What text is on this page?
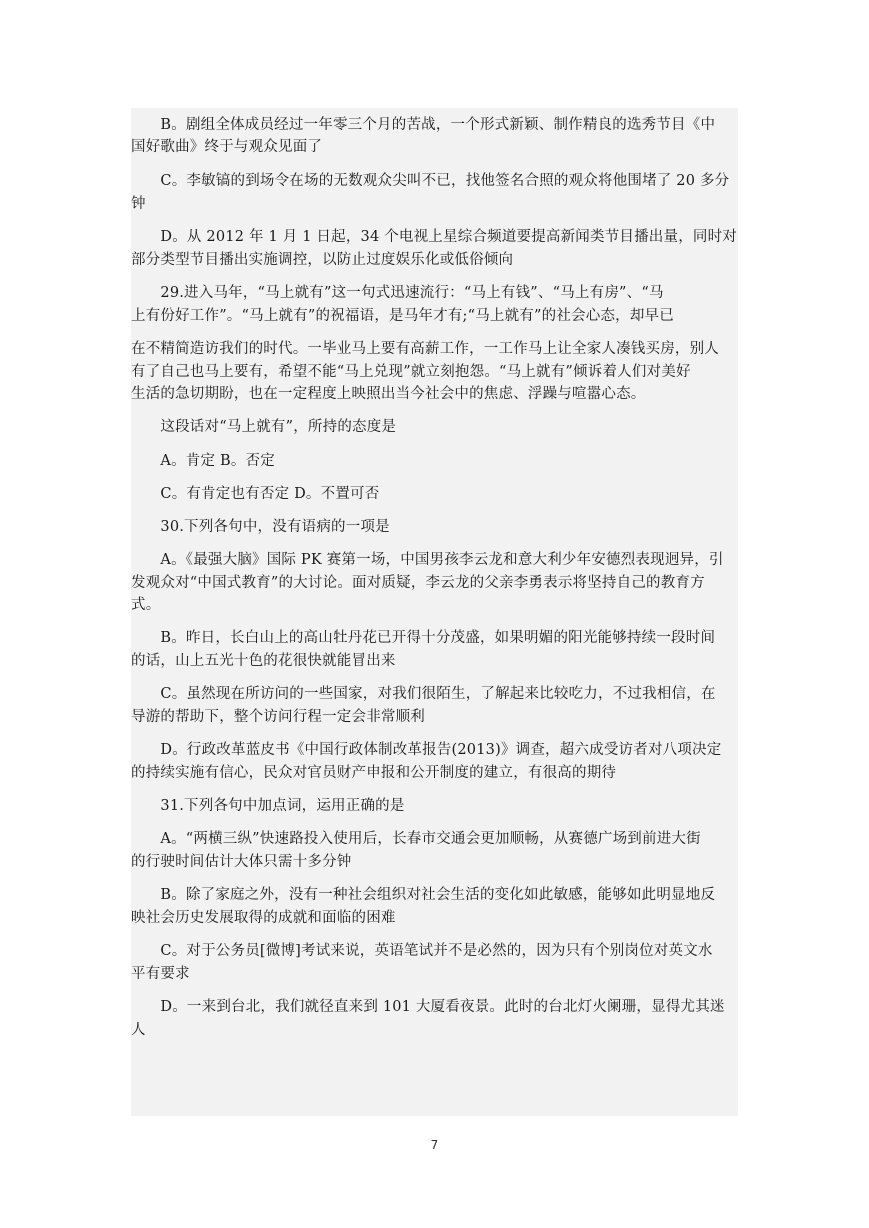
　　B。剧组全体成员经过一年零三个月的苦战，一个形式新颖、制作精良的选秀节目《中
国好歌曲》终于与观众见面了
　　C。李敏镐的到场令在场的无数观众尖叫不已，找他签名合照的观众将他围堵了 20 多分
钟
　　D。从 2012 年 1 月 1 日起，34 个电视上星综合频道要提高新闻类节目播出量，同时对
部分类型节目播出实施调控，以防止过度娱乐化或低俗倾向
　　29.进入马年，“马上就有”这一句式迅速流行：“马上有钱”、“马上有房”、“马
上有份好工作”。“马上就有”的祝福语，是马年才有;“马上就有”的社会心态，却早已
在不精简造访我们的时代。一毕业马上要有高薪工作，一工作马上让全家人凑钱买房，别人
有了自己也马上要有，希望不能“马上兑现”就立刻抱怨。“马上就有”倾诉着人们对美好
生活的急切期盼，也在一定程度上映照出当今社会中的焦虑、浮躁与喧嚣心态。
　　这段话对“马上就有”，所持的态度是
　　A。肯定 B。否定
　　C。有肯定也有否定 D。不置可否
　　30.下列各句中，没有语病的一项是
　　A。《最强大脑》国际 PK 赛第一场，中国男孩李云龙和意大利少年安德烈表现迥异，引
发观众对“中国式教育”的大讨论。面对质疑，李云龙的父亲李勇表示将坚持自己的教育方
式。
　　B。昨日，长白山上的高山牡丹花已开得十分茂盛，如果明媚的阳光能够持续一段时间
的话，山上五光十色的花很快就能冒出来
　　C。虽然现在所访问的一些国家，对我们很陌生，了解起来比较吃力，不过我相信，在
导游的帮助下，整个访问行程一定会非常顺利
　　D。行政改革蓝皮书《中国行政体制改革报告(2013)》调查，超六成受访者对八项决定
的持续实施有信心，民众对官员财产申报和公开制度的建立，有很高的期待
　　31.下列各句中加点词，运用正确的是
　　A。“两横三纵”快速路投入使用后，长春市交通会更加顺畅，从赛德广场到前进大街
的行驶时间估计大体只需十多分钟
　　B。除了家庭之外，没有一种社会组织对社会生活的变化如此敏感，能够如此明显地反
映社会历史发展取得的成就和面临的困难
　　C。对于公务员[微博]考试来说，英语笔试并不是必然的，因为只有个别岗位对英文水
平有要求
　　D。一来到台北，我们就径直来到 101 大厦看夜景。此时的台北灯火阑珊，显得尤其迷
人
7
